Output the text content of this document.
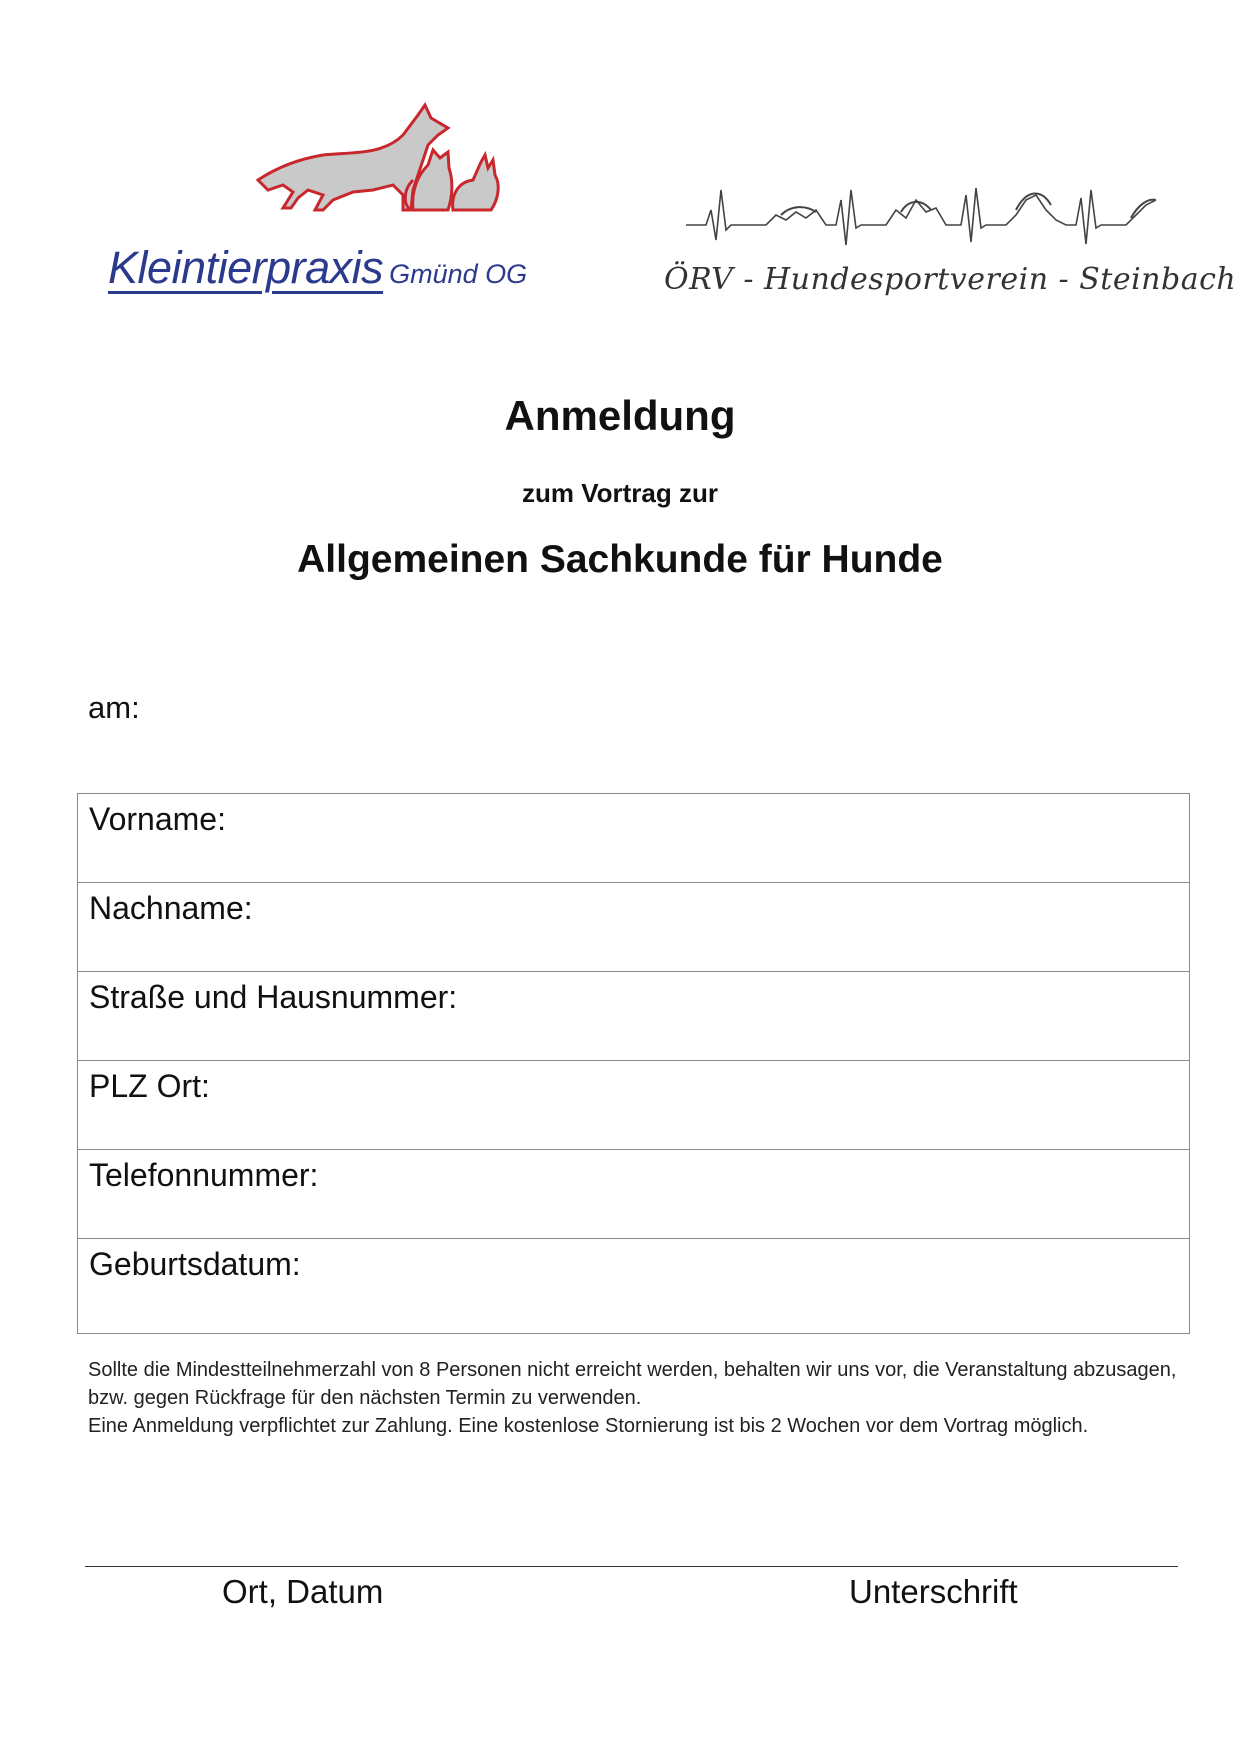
Kleintierpraxis Gmünd OG	ÖRV - Hundesportverein - Steinbach
Anmeldung
zum Vortrag zur
Allgemeinen Sachkunde für Hunde
am:
Vorname:
Nachname:
Straße und Hausnummer:
PLZ Ort:
Telefonnummer:
Geburtsdatum:

Sollte die Mindestteilnehmerzahl von 8 Personen nicht erreicht werden, behalten wir uns vor, die Veranstaltung abzusagen, bzw. gegen Rückfrage für den nächsten Termin zu verwenden.

Eine Anmeldung verpflichtet zur Zahlung. Eine kostenlose Stornierung ist bis 2 Wochen vor dem Vortrag möglich.

Ort, Datum	Unterschrift
